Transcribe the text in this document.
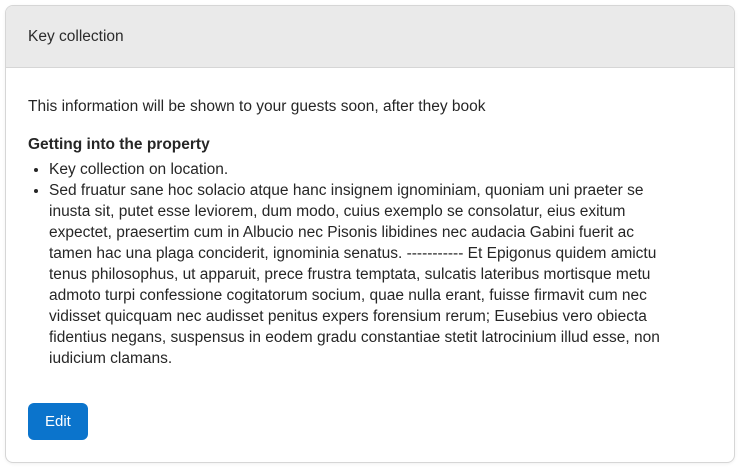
Key collection

This information will be shown to your guests soon, after they book

Getting into the property

• Key collection on location.
• Sed fruatur sane hoc solacio atque hanc insignem ignominiam, quoniam uni praeter se inusta sit, putet esse leviorem, dum modo, cuius exemplo se consolatur, eius exitum expectet, praesertim cum in Albucio nec Pisonis libidines nec audacia Gabini fuerit ac tamen hac una plaga conciderit, ignominia senatus. ----------- Et Epigonus quidem amictu tenus philosophus, ut apparuit, prece frustra temptata, sulcatis lateribus mortisque metu admoto turpi confessione cogitatorum socium, quae nulla erant, fuisse firmavit cum nec vidisset quicquam nec audisset penitus expers forensium rerum; Eusebius vero obiecta fidentius negans, suspensus in eodem gradu constantiae stetit latrocinium illud esse, non iudicium clamans.
Edit
